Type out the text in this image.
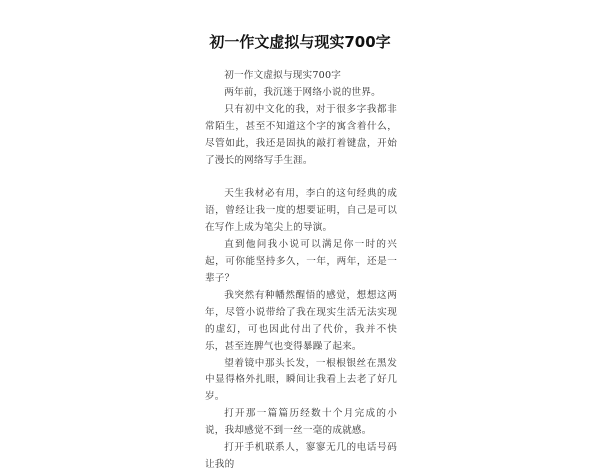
初一作文虚拟与现实700字

初一作文虚拟与现实700字

两年前，我沉迷于网络小说的世界。

只有初中文化的我，对于很多字我都非常陌生，甚至不知道这个字的寓含着什么，尽管如此，我还是固执的敲打着键盘，开始了漫长的网络写手生涯。

天生我材必有用，李白的这句经典的成语，曾经让我一度的想要证明，自己是可以在写作上成为笔尖上的导演。

直到他问我小说可以满足你一时的兴起，可你能坚持多久，一年，两年，还是一辈子？

我突然有种幡然醒悟的感觉，想想这两年，尽管小说带给了我在现实生活无法实现的虚幻，可也因此付出了代价，我并不快乐，甚至连脾气也变得暴躁了起来。

望着镜中那头长发，一根根银丝在黑发中显得格外扎眼，瞬间让我看上去老了好几岁。

打开那一篇篇历经数十个月完成的小说，我却感觉不到一丝一毫的成就感。

打开手机联系人，寥寥无几的电话号码让我的
